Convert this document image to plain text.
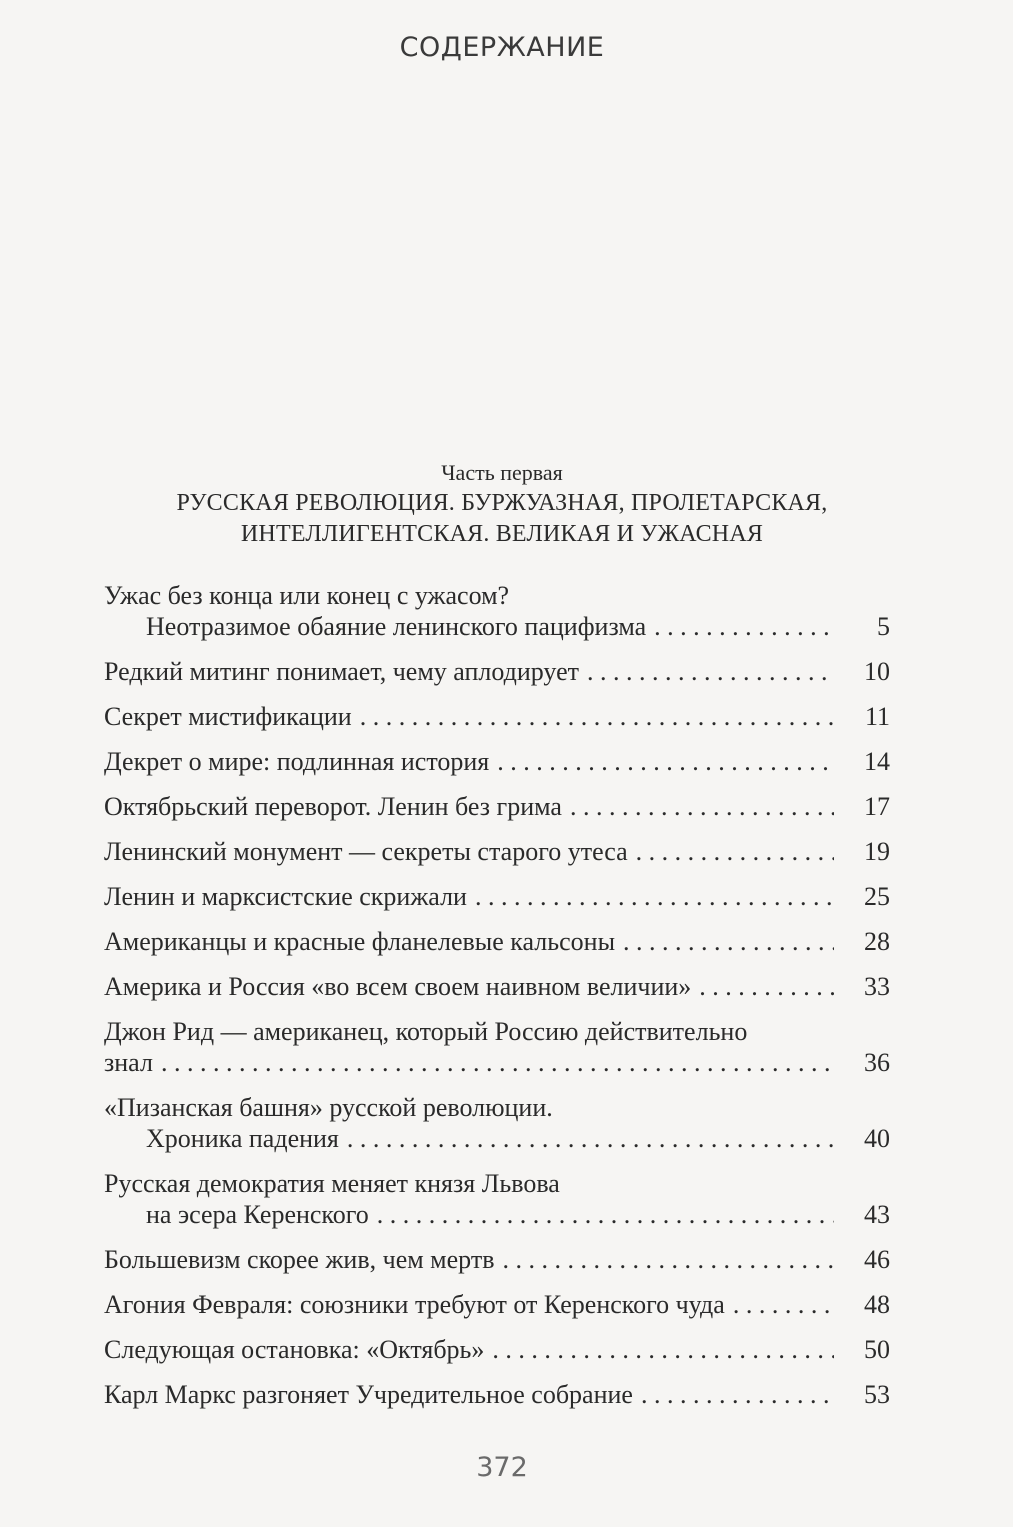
СОДЕРЖАНИЕ
Часть первая
РУССКАЯ РЕВОЛЮЦИЯ. БУРЖУАЗНАЯ, ПРОЛЕТАРСКАЯ,
ИНТЕЛЛИГЕНТСКАЯ. ВЕЛИКАЯ И УЖАСНАЯ
Ужас без конца или конец с ужасом?
Неотразимое обаяние ленинского пацифизма . . .	5
Редкий митинг понимает, чему аплодирует . . .	10
Секрет мистификации . . .	11
Декрет о мире: подлинная история . . .	14
Октябрьский переворот. Ленин без грима . . .	17
Ленинский монумент — секреты старого утеса . . .	19
Ленин и марксистские скрижали . . .	25
Американцы и красные фланелевые кальсоны . . .	28
Америка и Россия «во всем своем наивном величии» . . .	33
Джон Рид — американец, который Россию действительно
знал . . .	36
«Пизанская башня» русской революции.
Хроника падения . . .	40
Русская демократия меняет князя Львова
на эсера Керенского . . .	43
Большевизм скорее жив, чем мертв . . .	46
Агония Февраля: союзники требуют от Керенского чуда . . .	48
Следующая остановка: «Октябрь» . . .	50
Карл Маркс разгоняет Учредительное собрание . . .	53
372
